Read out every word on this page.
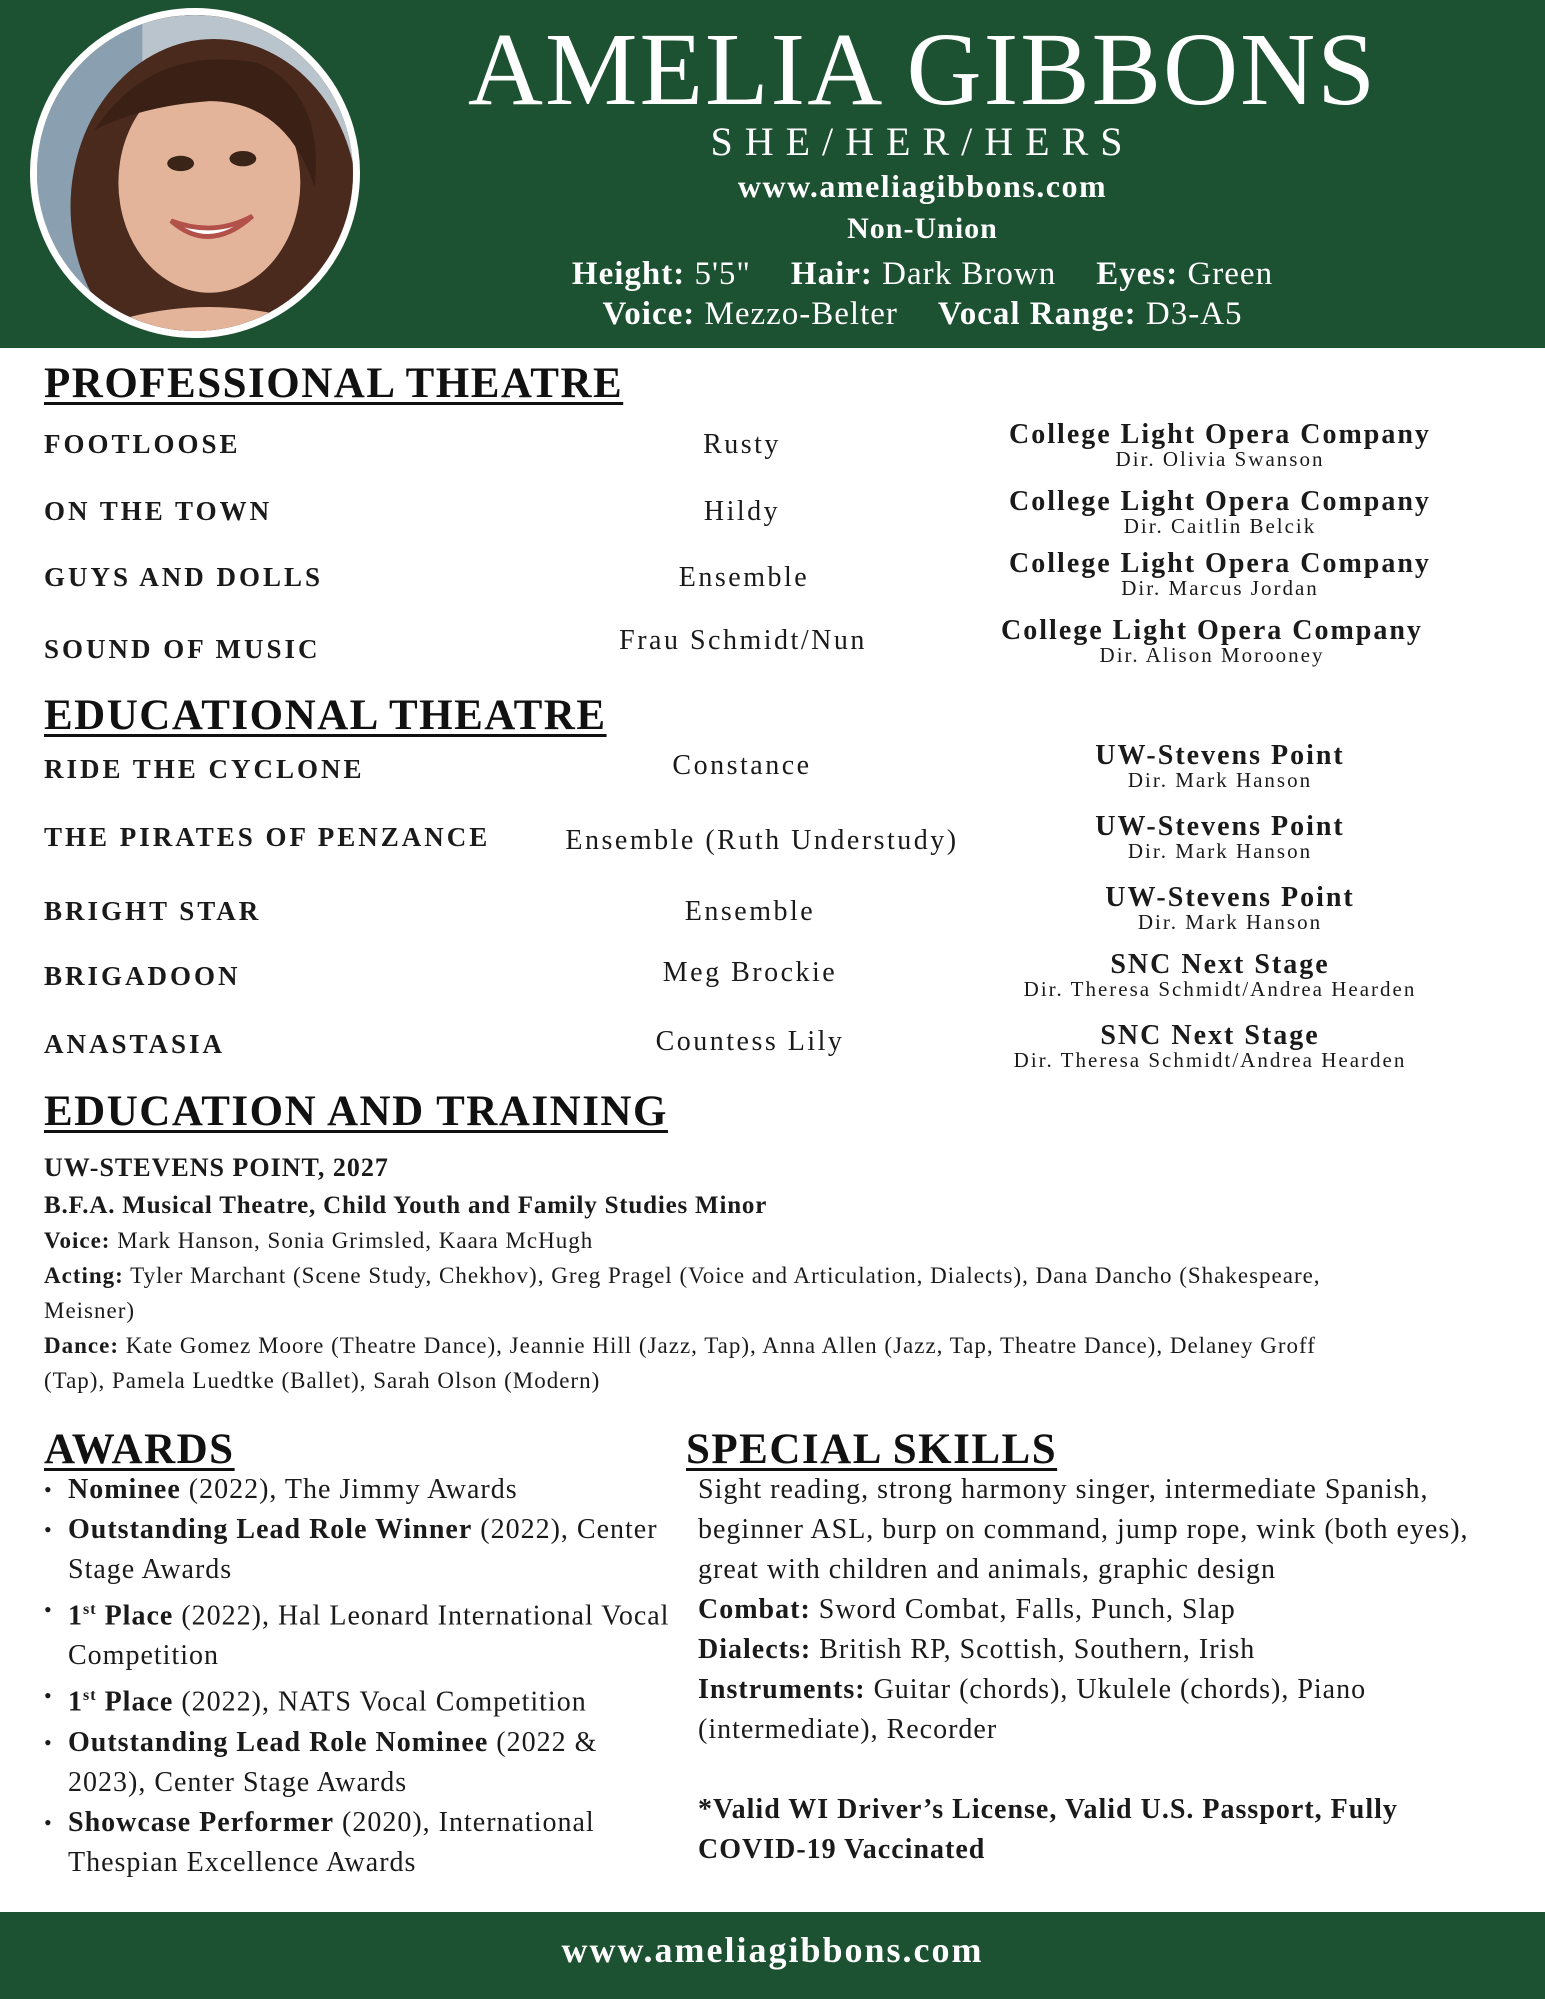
AMELIA GIBBONS
SHE/HER/HERS
www.ameliagibbons.com
Non-Union
Height: 5'5" Hair: Dark Brown Eyes: Green
Voice: Mezzo-Belter Vocal Range: D3-A5
PROFESSIONAL THEATRE
FOOTLOOSE	Rusty	College Light Opera Company
Dir. Olivia Swanson
ON THE TOWN	Hildy	College Light Opera Company
Dir. Caitlin Belcik
GUYS AND DOLLS	Ensemble	College Light Opera Company
Dir. Marcus Jordan
SOUND OF MUSIC	Frau Schmidt/Nun	College Light Opera Company
Dir. Alison Morooney
EDUCATIONAL THEATRE
RIDE THE CYCLONE	Constance	UW-Stevens Point
Dir. Mark Hanson
THE PIRATES OF PENZANCE	Ensemble (Ruth Understudy)	UW-Stevens Point
Dir. Mark Hanson
BRIGHT STAR	Ensemble	UW-Stevens Point
Dir. Mark Hanson
BRIGADOON	Meg Brockie	SNC Next Stage
Dir. Theresa Schmidt/Andrea Hearden
ANASTASIA	Countess Lily	SNC Next Stage
Dir. Theresa Schmidt/Andrea Hearden
EDUCATION AND TRAINING
UW-STEVENS POINT, 2027
B.F.A. Musical Theatre, Child Youth and Family Studies Minor
Voice: Mark Hanson, Sonia Grimsled, Kaara McHugh
Acting: Tyler Marchant (Scene Study, Chekhov), Greg Pragel (Voice and Articulation, Dialects), Dana Dancho (Shakespeare,
Meisner)
Dance: Kate Gomez Moore (Theatre Dance), Jeannie Hill (Jazz, Tap), Anna Allen (Jazz, Tap, Theatre Dance), Delaney Groff
(Tap), Pamela Luedtke (Ballet), Sarah Olson (Modern)
AWARDS
• Nominee (2022), The Jimmy Awards
• Outstanding Lead Role Winner (2022), Center Stage Awards
• 1st Place (2022), Hal Leonard International Vocal Competition
• 1st Place (2022), NATS Vocal Competition
• Outstanding Lead Role Nominee (2022 & 2023), Center Stage Awards
• Showcase Performer (2020), International Thespian Excellence Awards
SPECIAL SKILLS

Sight reading, strong harmony singer, intermediate Spanish, beginner ASL, burp on command, jump rope, wink (both eyes), great with children and animals, graphic design

Combat: Sword Combat, Falls, Punch, Slap

Dialects: British RP, Scottish, Southern, Irish

Instruments: Guitar (chords), Ukulele (chords), Piano (intermediate), Recorder

*Valid WI Driver’s License, Valid U.S. Passport, Fully COVID-19 Vaccinated

www.ameliagibbons.com
